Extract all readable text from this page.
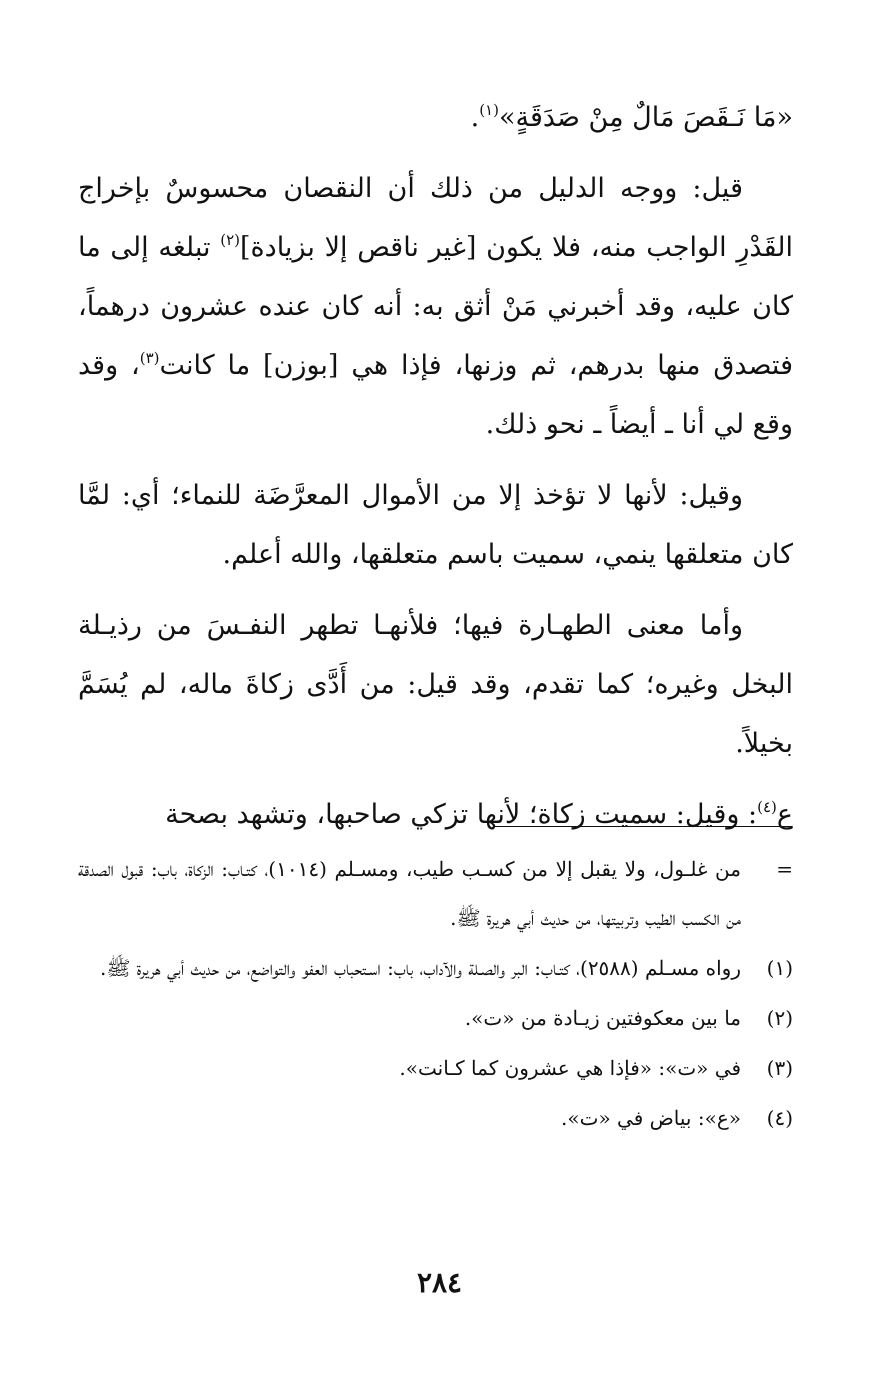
«مَا نَـقَصَ مَالٌ مِنْ صَدَقَةٍ»$^{(١)}$.

قيل: ووجه الدليل من ذلك أن النقصان محسوسٌ بإخراج القَدْرِ الواجب منه، فلا يكون [غير ناقص إلا بزيادة]$^{(٢)}$ تبلغه إلى ما كان عليه، وقد أخبرني مَنْ أثق به: أنه كان عنده عشرون درهماً، فتصدق منها بدرهم، ثم وزنها، فإذا هي [بوزن] ما كانت$^{(٣)}$، وقد وقع لي أنا ـ أيضاً ـ نحو ذلك.

وقيل: لأنها لا تؤخذ إلا من الأموال المعرَّضَة للنماء؛ أي: لمَّا كان متعلقها ينمي، سميت باسم متعلقها، والله أعلم.

وأما معنى الطهـارة فيها؛ فلأنهـا تطهر النفـسَ من رذيـلة البخل وغيره؛ كما تقدم، وقد قيل: من أَدَّى زكاةَ ماله، لم يُسَمَّ بخيلاً.

ع$^{(٤)}$: وقيل: سميت زكاة؛ لأنها تزكي صاحبها، وتشهد بصحة

=
من غلـول، ولا يقبل إلا من كسـب طيب، ومسـلم (١٠١٤)، كتـاب: الزكاة، باب: قبول الصدقة من الكسب الطيب وتربيتها، من حديث أبي هريرة ﷺ.
(١)
رواه مسـلم (٢٥٨٨)، كتـاب: البر والصـلة والآداب، باب: اسـتحباب العفو والتواضع، من حديث أبي هريرة ﷺ.
(٢)
ما بين معكوفتين زيـادة من «ت».
(٣)
في «ت»: «فإذا هي عشرون كما كـانت».
(٤)
«ع»: بياض في «ت».
٢٨٤
